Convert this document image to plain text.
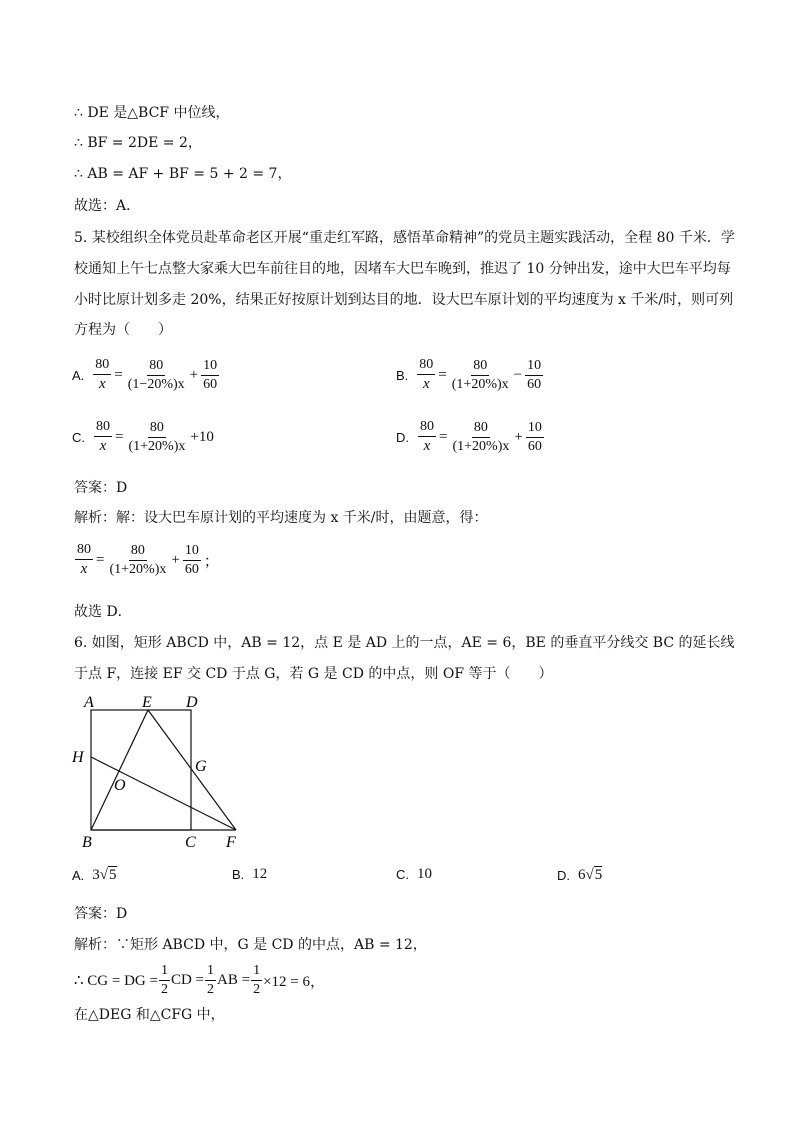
∴ DE 是△BCF 中位线，
∴ BF = 2DE = 2，
∴ AB = AF + BF = 5 + 2 = 7，
故选：A．
5. 某校组织全体党员赴革命老区开展“重走红军路，感悟革命精神”的党员主题实践活动，全程 80 千米．学
校通知上午七点整大家乘大巴车前往目的地，因堵车大巴车晚到，推迟了 10 分钟出发，途中大巴车平均每
小时比原计划多走 20%，结果正好按原计划到达目的地．设大巴车原计划的平均速度为 x 千米/时，则可列
方程为（　　）
A. $\frac{80}{x} = \frac{80}{(1-20\%)x} + \frac{10}{60}$	B. $\frac{80}{x} = \frac{80}{(1+20\%)x} - \frac{10}{60}$
C. $\frac{80}{x} = \frac{80}{(1+20\%)x} +10$	D. $\frac{80}{x} = \frac{80}{(1+20\%)x} + \frac{10}{60}$
答案：D
解析：解：设大巴车原计划的平均速度为 x 千米/时，由题意，得：
$\frac{80}{x} = \frac{80}{(1+20\%)x} + \frac{10}{60}$ ；
故选 D．
6. 如图，矩形 ABCD 中，AB = 12，点 E 是 AD 上的一点，AE = 6，BE 的垂直平分线交 BC 的延长线
于点 F，连接 EF 交 CD 于点 G，若 G 是 CD 的中点，则 OF 等于（　　）
A	E D
H
G
O
B	C F
A. 3 √ 5	B. 12	C. 10	D. 6 √ 5
答案：D
解析：∵矩形 ABCD 中，G 是 CD 的中点，AB = 12，
∴ CG = DG = $\frac{1}{2}$ CD = $\frac{1}{2}$ AB = $\frac{1}{2} \times 12 = 6$，
在△DEG 和△CFG 中，
